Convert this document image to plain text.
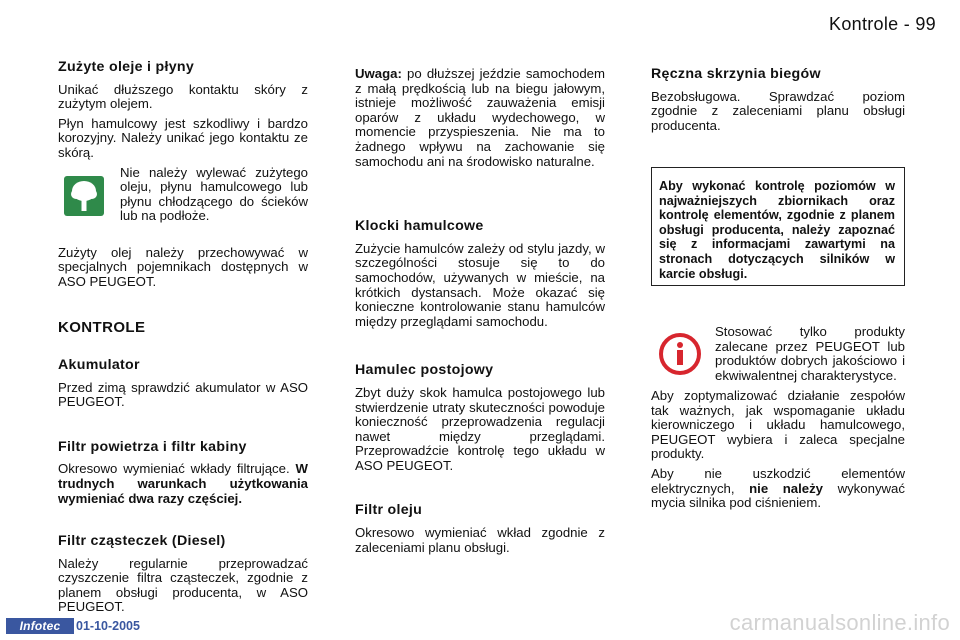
Kontrole - 99
Zużyte oleje i płyny

Unikać dłuższego kontaktu skóry z zużytym olejem.

Płyn hamulcowy jest szkodliwy i bardzo korozyjny. Należy unikać jego kontaktu ze skórą.

Nie należy wylewać zużytego oleju, płynu hamulcowego lub płynu chłodzącego do ścieków lub na podłoże.

Zużyty olej należy przechowywać w specjalnych pojemnikach dostępnych w ASO PEUGEOT.

KONTROLE
Akumulator

Przed zimą sprawdzić akumulator w ASO PEUGEOT.

Filtr powietrza i filtr kabiny

Okresowo wymieniać wkłady filtrujące. W trudnych warunkach użytkowania wymieniać dwa razy częściej.

Filtr cząsteczek (Diesel)

Należy regularnie przeprowadzać czyszczenie filtra cząsteczek, zgodnie z planem obsługi producenta, w ASO PEUGEOT.

Uwaga: po dłuższej jeździe samochodem z małą prędkością lub na biegu jałowym, istnieje możliwość zauważenia emisji oparów z układu wydechowego, w momencie przyspieszenia. Nie ma to żadnego wpływu na zachowanie się samochodu ani na środowisko naturalne.

Klocki hamulcowe

Zużycie hamulców zależy od stylu jazdy, w szczególności stosuje się to do samochodów, używanych w mieście, na krótkich dystansach. Może okazać się konieczne kontrolowanie stanu hamulców między przeglądami samochodu.

Hamulec postojowy

Zbyt duży skok hamulca postojowego lub stwierdzenie utraty skuteczności powoduje konieczność przeprowadzenia regulacji nawet między przeglądami. Przeprowadźcie kontrolę tego układu w ASO PEUGEOT.

Filtr oleju

Okresowo wymieniać wkład zgodnie z zaleceniami planu obsługi.

Ręczna skrzynia biegów

Bezobsługowa. Sprawdzać poziom zgodnie z zaleceniami planu obsługi producenta.

Aby wykonać kontrolę poziomów w najważniejszych zbiornikach oraz kontrolę elementów, zgodnie z planem obsługi producenta, należy zapoznać się z informacjami zawartymi na stronach dotyczących silników w karcie obsługi.

Stosować tylko produkty zalecane przez PEUGEOT lub produktów dobrych jakościowo i ekwiwalentnej charakterystyce.

Aby zoptymalizować działanie zespołów tak ważnych, jak wspomaganie układu kierowniczego i układu hamulcowego, PEUGEOT wybiera i zaleca specjalne produkty.

Aby nie uszkodzić elementów elektrycznych, nie należy wykonywać mycia silnika pod ciśnieniem.

Infotec	01-10-2005	carmanualsonline.info
